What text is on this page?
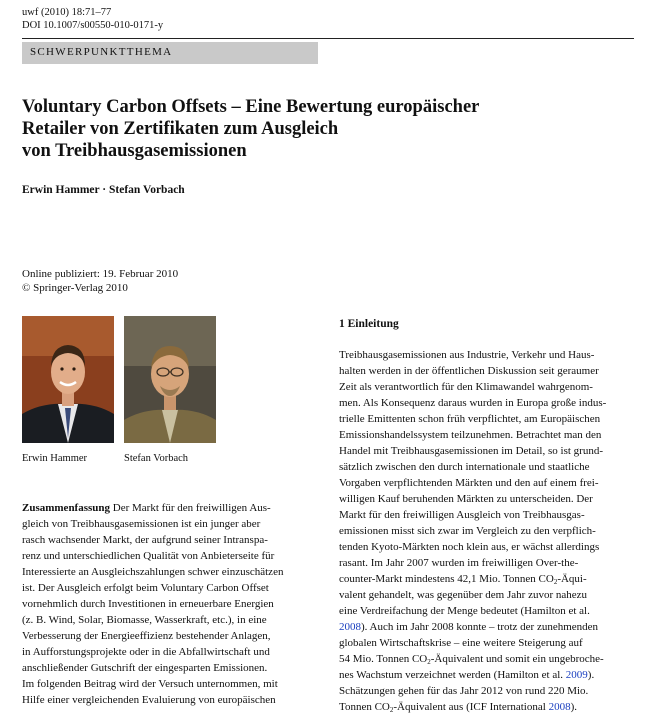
uwf (2010) 18:71–77
DOI 10.1007/s00550-010-0171-y
SCHWERPUNKTTHEMA
Voluntary Carbon Offsets – Eine Bewertung europäischer
Retailer von Zertifikaten zum Ausgleich
von Treibhausgasemissionen
Erwin Hammer · Stefan Vorbach
Online publiziert: 19. Februar 2010
© Springer-Verlag 2010
Erwin Hammer	Stefan Vorbach
Zusammenfassung Der Markt für den freiwilligen Aus-
gleich von Treibhausgasemissionen ist ein junger aber
rasch wachsender Markt, der aufgrund seiner Intranspa-
renz und unterschiedlichen Qualität von Anbieterseite für
Interessierte an Ausgleichszahlungen schwer einzuschätzen
ist. Der Ausgleich erfolgt beim Voluntary Carbon Offset
vornehmlich durch Investitionen in erneuerbare Energien
(z. B. Wind, Solar, Biomasse, Wasserkraft, etc.), in eine
Verbesserung der Energieeffizienz bestehender Anlagen,
in Aufforstungsprojekte oder in die Abfallwirtschaft und
anschließender Gutschrift der eingesparten Emissionen.
Im folgenden Beitrag wird der Versuch unternommen, mit
Hilfe einer vergleichenden Evaluierung von europäischen
1 Einleitung
Treibhausgasemissionen aus Industrie, Verkehr und Haus-
halten werden in der öffentlichen Diskussion seit geraumer
Zeit als verantwortlich für den Klimawandel wahrgenom-
men. Als Konsequenz daraus wurden in Europa große indus-
trielle Emittenten schon früh verpflichtet, am Europäischen
Emissionshandelssystem teilzunehmen. Betrachtet man den
Handel mit Treibhausgasemissionen im Detail, so ist grund-
sätzlich zwischen den durch internationale und staatliche
Vorgaben verpflichtenden Märkten und den auf einem frei-
willigen Kauf beruhenden Märkten zu unterscheiden. Der
Markt für den freiwilligen Ausgleich von Treibhausgas-
emissionen misst sich zwar im Vergleich zu den verpflich-
tenden Kyoto-Märkten noch klein aus, er wächst allerdings
rasant. Im Jahr 2007 wurden im freiwilligen Over-the-
counter-Markt mindestens 42,1 Mio. Tonnen $CO_2-Äqui-$
valent gehandelt, was gegenüber dem Jahr zuvor nahezu
eine Verdreifachung der Menge bedeutet (Hamilton et al.
2008). Auch im Jahr 2008 konnte – trotz der zunehmenden
globalen Wirtschaftskrise – eine weitere Steigerung auf
54 Mio. Tonnen $CO_2$-Äquivalent und somit ein ungebroche-
nes Wachstum verzeichnet werden (Hamilton et al. 2009).
Schätzungen gehen für das Jahr 2012 von rund 220 Mio.
Tonnen $CO_2$-Äquivalent aus (ICF International 2008).
